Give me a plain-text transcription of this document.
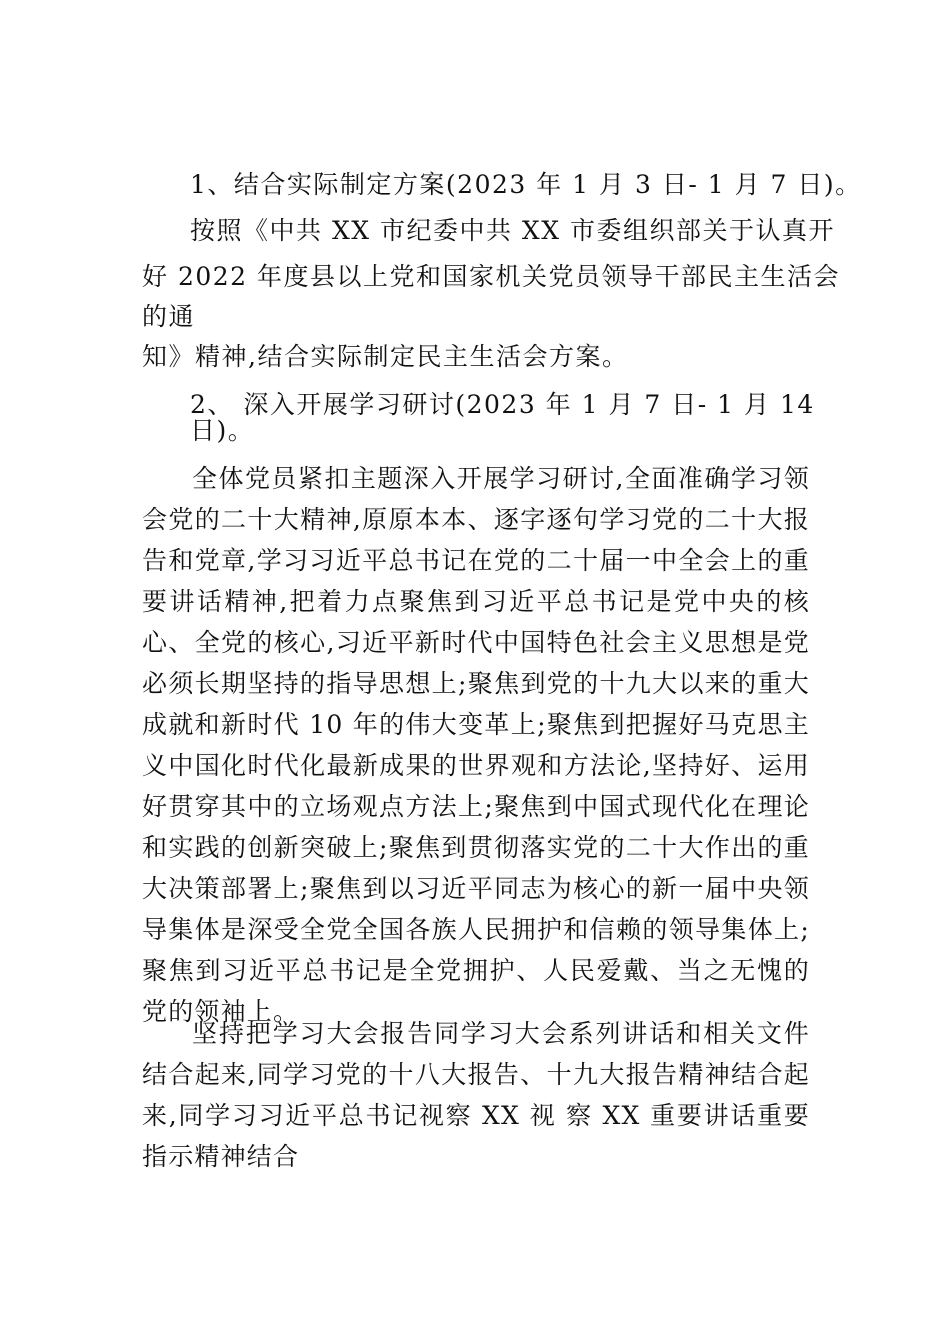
1、结合实际制定方案(2023 年 1 月 3 日- 1 月 7 日)。
按照《中共 XX 市纪委中共 XX 市委组织部关于认真开
好 2022 年度县以上党和国家机关党员领导干部民主生活会
的通
知》精神,结合实际制定民主生活会方案。
2、 深入开展学习研讨(2023 年 1 月 7 日- 1 月 14
日)。
全体党员紧扣主题深入开展学习研讨,全面准确学习领会党的二十大精神,原原本本、逐字逐句学习党的二十大报告和党章,学习习近平总书记在党的二十届一中全会上的重要讲话精神,把着力点聚焦到习近平总书记是党中央的核心、全党的核心,习近平新时代中国特色社会主义思想是党必须长期坚持的指导思想上;聚焦到党的十九大以来的重大成就和新时代 10 年的伟大变革上;聚焦到把握好马克思主义中国化时代化最新成果的世界观和方法论,坚持好、运用好贯穿其中的立场观点方法上;聚焦到中国式现代化在理论和实践的创新突破上;聚焦到贯彻落实党的二十大作出的重大决策部署上;聚焦到以习近平同志为核心的新一届中央领导集体是深受全党全国各族人民拥护和信赖的领导集体上;聚焦到习近平总书记是全党拥护、人民爱戴、当之无愧的党的领袖上。
坚持把学习大会报告同学习大会系列讲话和相关文件结合起来,同学习党的十八大报告、十九大报告精神结合起来,同学习习近平总书记视察 XX 视 察 XX 重要讲话重要指示精神结合
